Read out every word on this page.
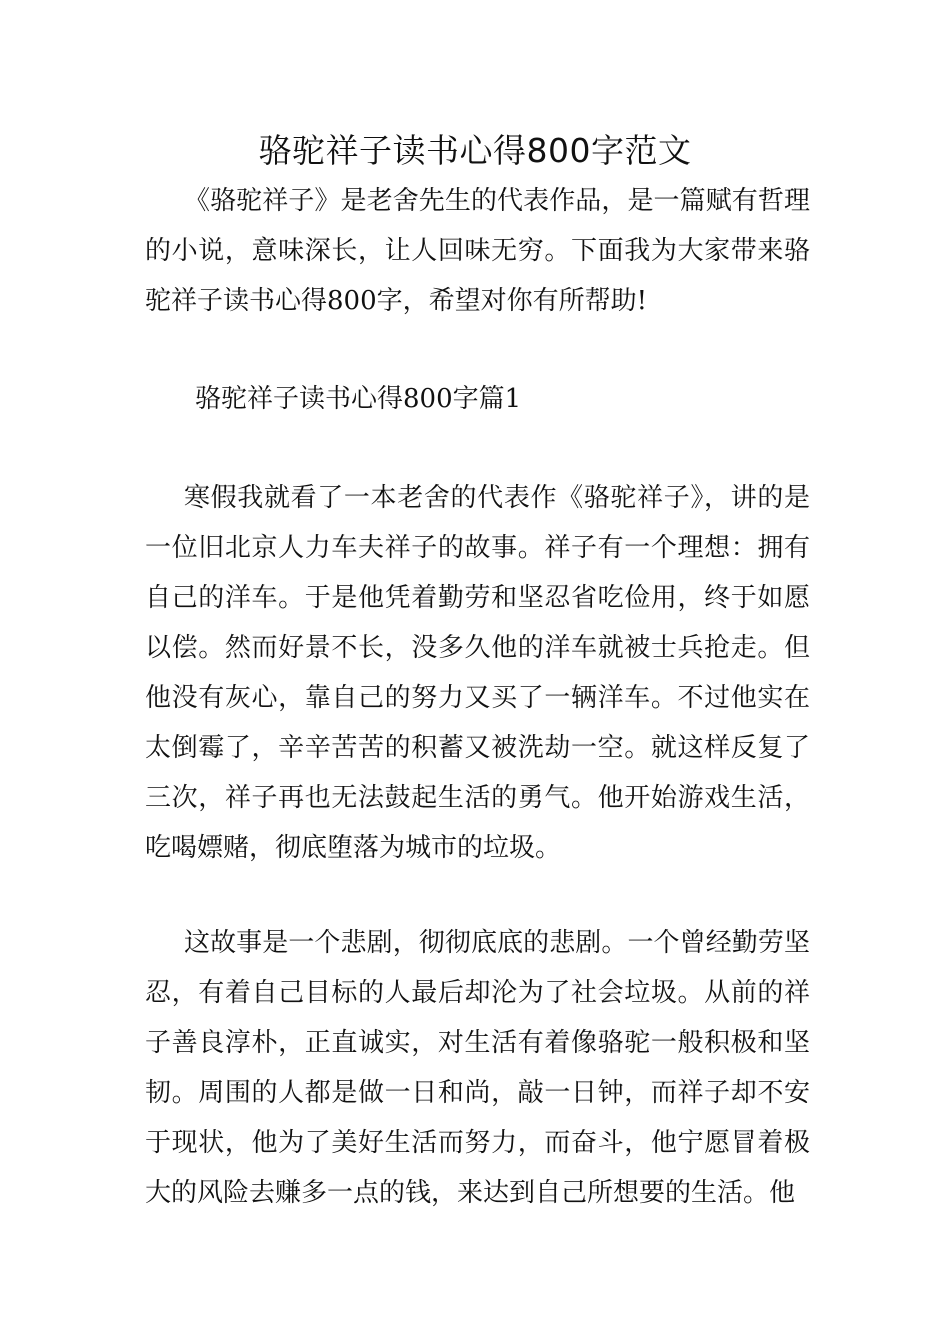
骆驼祥子读书心得800字范文

《骆驼祥子》是老舍先生的代表作品，是一篇赋有哲理的小说，意味深长，让人回味无穷。下面我为大家带来骆驼祥子读书心得800字，希望对你有所帮助!

骆驼祥子读书心得800字篇1

寒假我就看了一本老舍的代表作《骆驼祥子》，讲的是一位旧北京人力车夫祥子的故事。祥子有一个理想：拥有自己的洋车。于是他凭着勤劳和坚忍省吃俭用，终于如愿以偿。然而好景不长，没多久他的洋车就被士兵抢走。但他没有灰心，靠自己的努力又买了一辆洋车。不过他实在太倒霉了，辛辛苦苦的积蓄又被洗劫一空。就这样反复了三次，祥子再也无法鼓起生活的勇气。他开始游戏生活，吃喝嫖赌，彻底堕落为城市的垃圾。

这故事是一个悲剧，彻彻底底的悲剧。一个曾经勤劳坚忍，有着自己目标的人最后却沦为了社会垃圾。从前的祥子善良淳朴，正直诚实，对生活有着像骆驼一般积极和坚韧。周围的人都是做一日和尚，敲一日钟，而祥子却不安于现状，他为了美好生活而努力，而奋斗，他宁愿冒着极大的风险去赚多一点的钱，来达到自己所想要的生活。他
